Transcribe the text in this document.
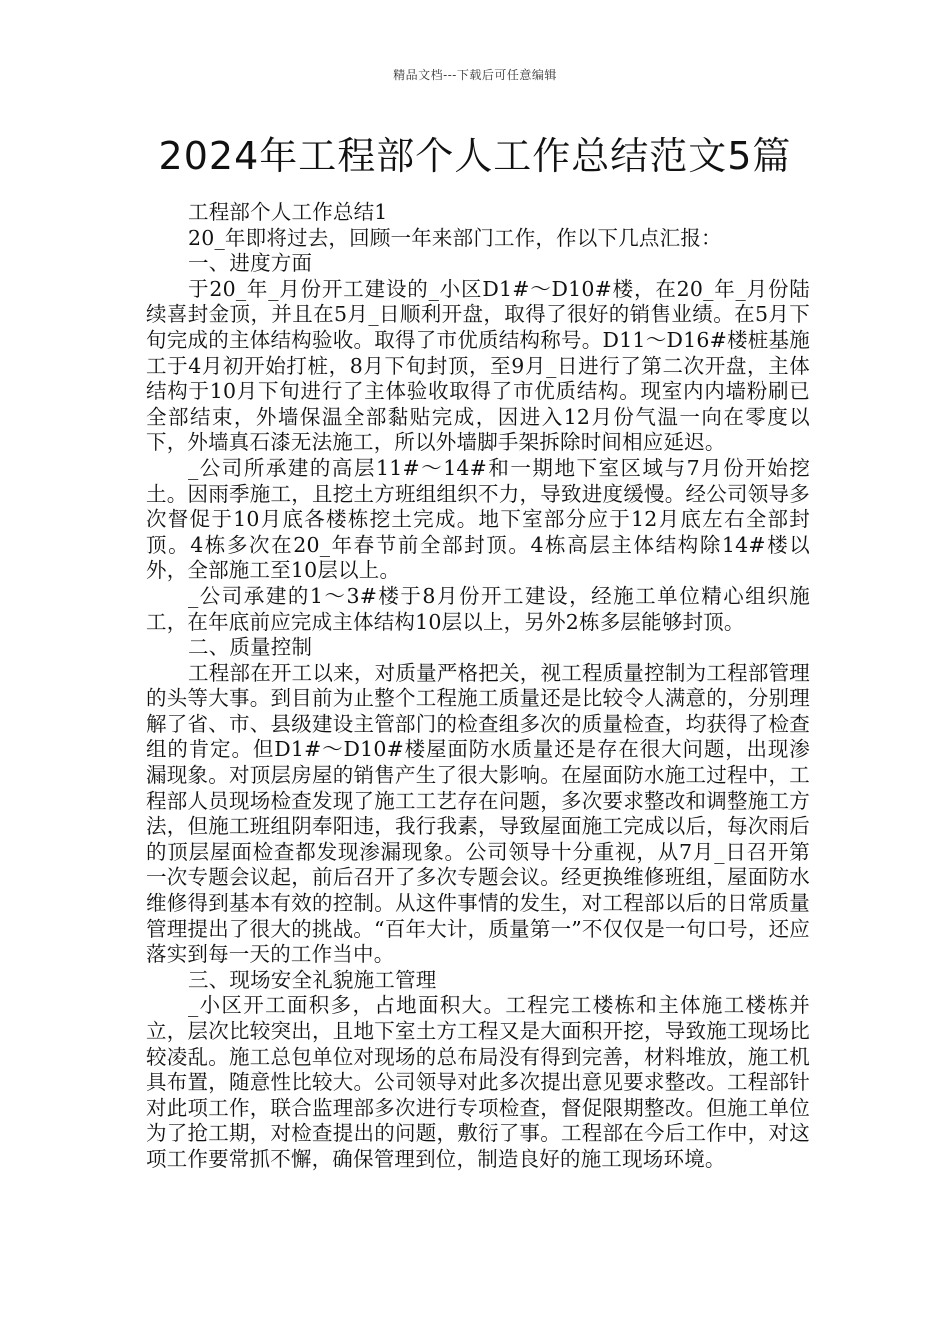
精品文档---下载后可任意编辑
2024年工程部个人工作总结范文5篇

工程部个人工作总结1

20_年即将过去，回顾一年来部门工作，作以下几点汇报：

一、进度方面

于20_年_月份开工建设的_小区D1#～D10#楼，在20_年_月份陆续喜封金顶，并且在5月_日顺利开盘，取得了很好的销售业绩。在5月下旬完成的主体结构验收。取得了市优质结构称号。D11～D16#楼桩基施工于4月初开始打桩，8月下旬封顶，至9月_日进行了第二次开盘，主体结构于10月下旬进行了主体验收取得了市优质结构。现室内内墙粉刷已全部结束，外墙保温全部黏贴完成，因进入12月份气温一向在零度以下，外墙真石漆无法施工，所以外墙脚手架拆除时间相应延迟。

_公司所承建的高层11#～14#和一期地下室区域与7月份开始挖土。因雨季施工，且挖土方班组组织不力，导致进度缓慢。经公司领导多次督促于10月底各楼栋挖土完成。地下室部分应于12月底左右全部封顶。4栋多次在20_年春节前全部封顶。4栋高层主体结构除14#楼以外，全部施工至10层以上。

_公司承建的1～3#楼于8月份开工建设，经施工单位精心组织施工，在年底前应完成主体结构10层以上，另外2栋多层能够封顶。

二、质量控制

工程部在开工以来，对质量严格把关，视工程质量控制为工程部管理的头等大事。到目前为止整个工程施工质量还是比较令人满意的，分别理解了省、市、县级建设主管部门的检查组多次的质量检查，均获得了检查组的肯定。但D1#～D10#楼屋面防水质量还是存在很大问题，出现渗漏现象。对顶层房屋的销售产生了很大影响。在屋面防水施工过程中，工程部人员现场检查发现了施工工艺存在问题，多次要求整改和调整施工方法，但施工班组阴奉阳违，我行我素，导致屋面施工完成以后，每次雨后的顶层屋面检查都发现渗漏现象。公司领导十分重视，从7月_日召开第一次专题会议起，前后召开了多次专题会议。经更换维修班组，屋面防水维修得到基本有效的控制。从这件事情的发生，对工程部以后的日常质量管理提出了很大的挑战。“百年大计，质量第一”不仅仅是一句口号，还应落实到每一天的工作当中。

三、现场安全礼貌施工管理

_小区开工面积多，占地面积大。工程完工楼栋和主体施工楼栋并立，层次比较突出，且地下室土方工程又是大面积开挖，导致施工现场比较凌乱。施工总包单位对现场的总布局没有得到完善，材料堆放，施工机具布置，随意性比较大。公司领导对此多次提出意见要求整改。工程部针对此项工作，联合监理部多次进行专项检查，督促限期整改。但施工单位为了抢工期，对检查提出的问题，敷衍了事。工程部在今后工作中，对这项工作要常抓不懈，确保管理到位，制造良好的施工现场环境。
